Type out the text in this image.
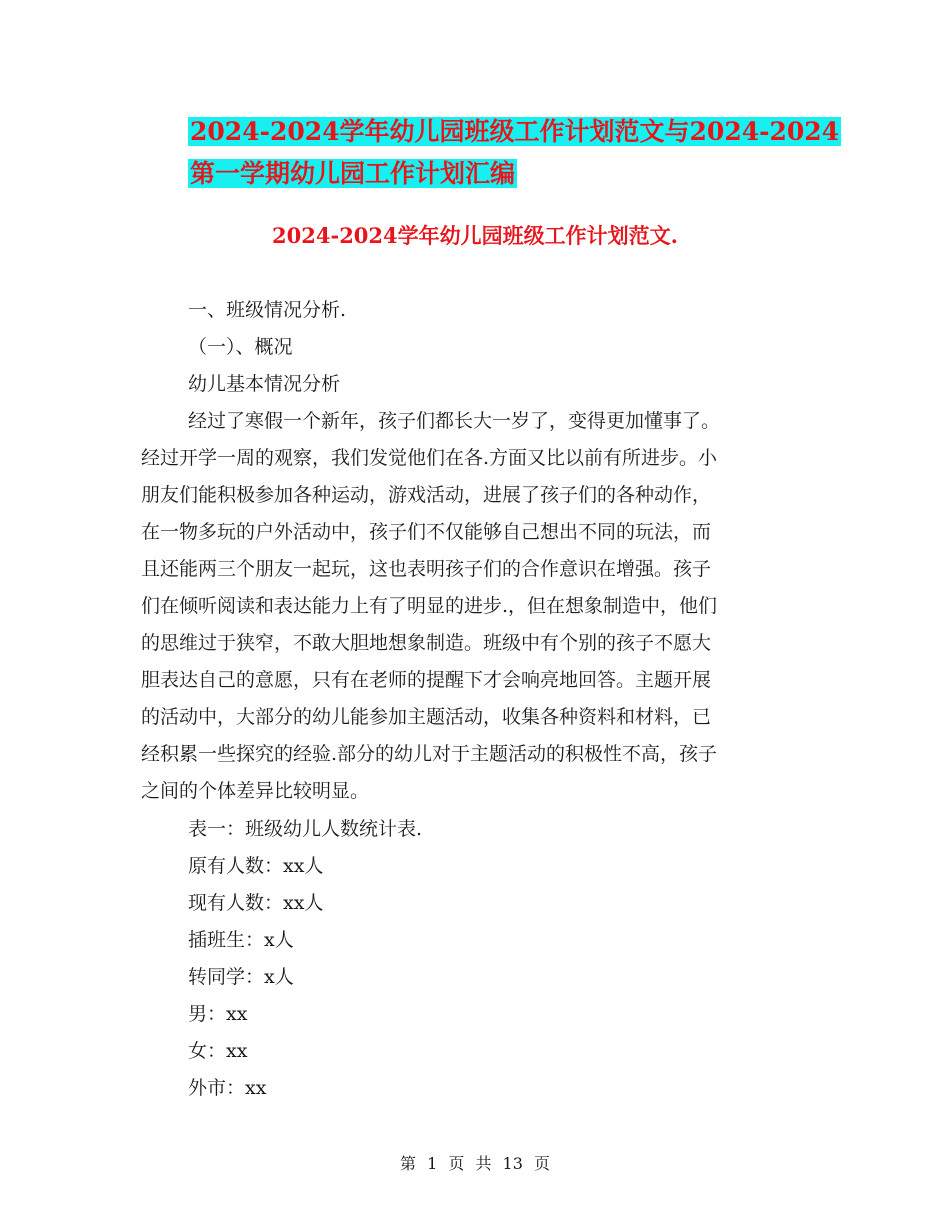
2024-2024学年幼儿园班级工作计划范文与2024-2024
第一学期幼儿园工作计划汇编
2024-2024学年幼儿园班级工作计划范文.
一、班级情况分析.
（一）、概况
幼儿基本情况分析
经过了寒假一个新年，孩子们都长大一岁了，变得更加懂事了。
经过开学一周的观察，我们发觉他们在各.方面又比以前有所进步。小
朋友们能积极参加各种运动，游戏活动，进展了孩子们的各种动作，
在一物多玩的户外活动中，孩子们不仅能够自己想出不同的玩法，而
且还能两三个朋友一起玩，这也表明孩子们的合作意识在增强。孩子
们在倾听阅读和表达能力上有了明显的进步.，但在想象制造中，他们
的思维过于狭窄，不敢大胆地想象制造。班级中有个别的孩子不愿大
胆表达自己的意愿，只有在老师的提醒下才会响亮地回答。主题开展
的活动中，大部分的幼儿能参加主题活动，收集各种资料和材料，已
经积累一些探究的经验.部分的幼儿对于主题活动的积极性不高，孩子
之间的个体差异比较明显。
表一：班级幼儿人数统计表.
原有人数：xx人
现有人数：xx人
插班生：x人
转同学：x人
男：xx
女：xx
外市：xx
第 1 页 共 13 页
